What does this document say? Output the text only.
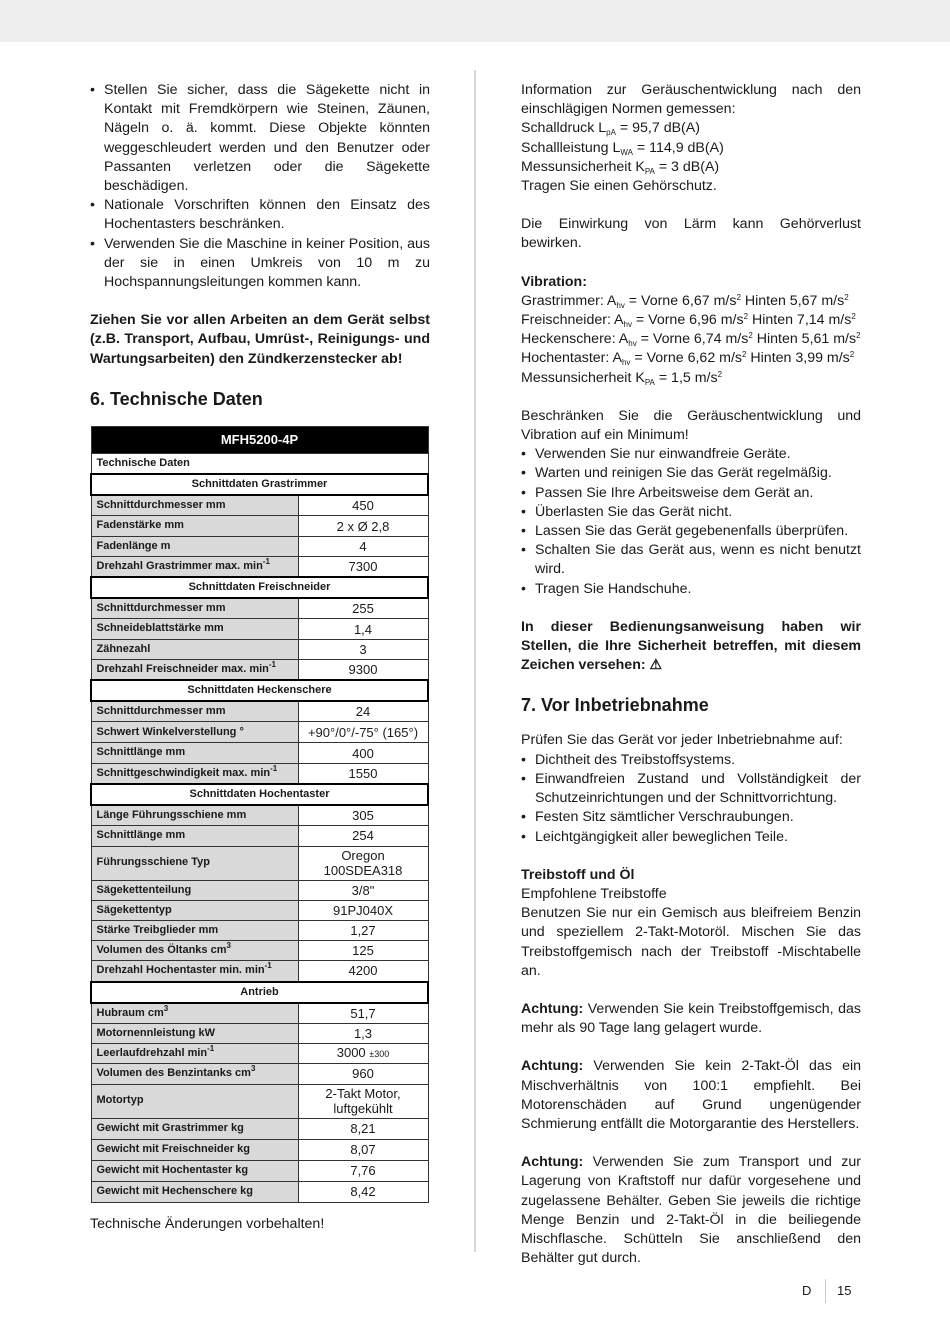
• Stellen Sie sicher, dass die Sägekette nicht in Kontakt mit Fremdkörpern wie Steinen, Zäunen, Nägeln o. ä. kommt. Diese Objekte könnten weggeschleudert werden und den Benutzer oder Passanten verletzen oder die Sägekette beschädigen.
• Nationale Vorschriften können den Einsatz des Hochentasters beschränken.
• Verwenden Sie die Maschine in keiner Position, aus der sie in einen Umkreis von 10 m zu Hochspannungsleitungen kommen kann.

Ziehen Sie vor allen Arbeiten an dem Gerät selbst (z.B. Transport, Aufbau, Umrüst-, Reinigungs- und Wartungsarbeiten) den Zündkerzenstecker ab!

6. Technische Daten
MFH5200-4P	
Technische Daten	
Schnittdaten Grastrimmer	
Schnittdurchmesser mm	450
Fadenstärke mm	2 x Ø 2,8
Fadenlänge m	4
Drehzahl Grastrimmer max. $\min^{-1}$	7300
Schnittdaten Freischneider	
Schnittdurchmesser mm	255
Schneideblattstärke mm	1,4
Zähnezahl	3
Drehzahl Freischneider max. $\min^{-1}$	9300
Schnittdaten Heckenschere	
Schnittdurchmesser mm	24
Schwert Winkelverstellung °	+90°/0°/-75° (165°)
Schnittlänge mm	400
Schnittgeschwindigkeit max. $\min^{-1}$	1550
Schnittdaten Hochentaster	
Länge Führungsschiene mm	305
Schnittlänge mm	254
Führungsschiene Typ	Oregon
100SDEA318
Sägekettenteilung	3/8"
Sägekettentyp	91PJ040X
Stärke Treibglieder mm	1,27
Volumen des Öltanks $cm^3$	125
Drehzahl Hochentaster min. $\min^{-1}$	4200
Antrieb	
Hubraum $cm^3$	51,7
Motornennleistung kW	1,3
Leerlaufdrehzahl $\min^{-1}$	3000 ±300
Volumen des Benzintanks $cm^3$	960
Motortyp	2-Takt Motor,
luftgekühlt
Gewicht mit Grastrimmer kg	8,21
Gewicht mit Freischneider kg	8,07
Gewicht mit Hochentaster kg	7,76
Gewicht mit Hechenschere kg	8,42

Technische Änderungen vorbehalten!

Information zur Geräuschentwicklung nach den einschlägigen Normen gemessen:

Schalldruck $L_{pA} = 95,7$ dB(A)

Schallleistung $L_{WA} = 114,9$ dB(A)

Messunsicherheit $K_{PA} = 3$ dB(A)

Tragen Sie einen Gehörschutz.

Die Einwirkung von Lärm kann Gehörverlust bewirken.

Vibration:

Grastrimmer: $A_{hv}$ = Vorne 6,67 $m/s^2$ Hinten 5,67 $m/s^2$

Freischneider: $A_{hv}$ = Vorne 6,96 $m/s^2$ Hinten 7,14 $m/s^2$

Heckenschere: $A_{hv}$ = Vorne 6,74 $m/s^2$ Hinten 5,61 $m/s^2$

Hochentaster: $A_{hv}$ = Vorne 6,62 $m/s^2$ Hinten 3,99 $m/s^2$

Messunsicherheit $K_{PA} = 1,5$ $m/s^2$

Beschränken Sie die Geräuschentwicklung und Vibration auf ein Minimum!

• Verwenden Sie nur einwandfreie Geräte.
• Warten und reinigen Sie das Gerät regelmäßig.
• Passen Sie Ihre Arbeitsweise dem Gerät an.
• Überlasten Sie das Gerät nicht.
• Lassen Sie das Gerät gegebenenfalls überprüfen.
• Schalten Sie das Gerät aus, wenn es nicht benutzt wird.
• Tragen Sie Handschuhe.

In dieser Bedienungsanweisung haben wir Stellen, die Ihre Sicherheit betreffen, mit diesem Zeichen versehen: ⚠

7. Vor Inbetriebnahme

Prüfen Sie das Gerät vor jeder Inbetriebnahme auf:

• Dichtheit des Treibstoffsystems.
• Einwandfreien Zustand und Vollständigkeit der Schutzeinrichtungen und der Schnittvorrichtung.
• Festen Sitz sämtlicher Verschraubungen.
• Leichtgängigkeit aller beweglichen Teile.

Treibstoff und Öl

Empfohlene Treibstoffe

Benutzen Sie nur ein Gemisch aus bleifreiem Benzin und speziellem 2-Takt-Motoröl. Mischen Sie das Treibstoffgemisch nach der Treibstoff -Mischtabelle an.

Achtung: Verwenden Sie kein Treibstoffgemisch, das mehr als 90 Tage lang gelagert wurde.

Achtung: Verwenden Sie kein 2-Takt-Öl das ein Mischverhältnis von 100:1 empfiehlt. Bei Motorenschäden auf Grund ungenügender Schmierung entfällt die Motorgarantie des Herstellers.

Achtung: Verwenden Sie zum Transport und zur Lagerung von Kraftstoff nur dafür vorgesehene und zugelassene Behälter. Geben Sie jeweils die richtige Menge Benzin und 2-Takt-Öl in die beiliegende Mischflasche. Schütteln Sie anschließend den Behälter gut durch.

D 15
